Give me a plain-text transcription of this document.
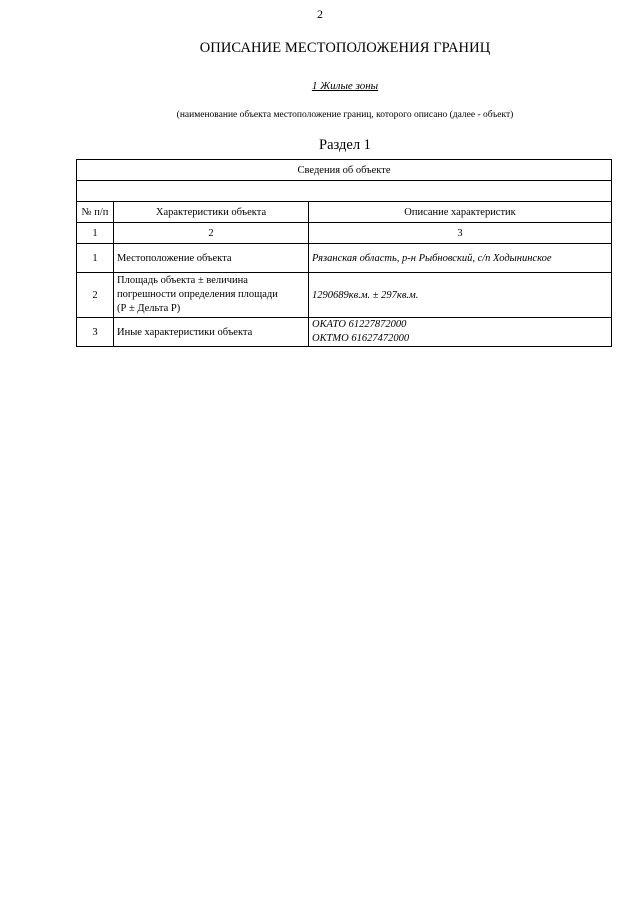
2
ОПИСАНИЕ МЕСТОПОЛОЖЕНИЯ ГРАНИЦ
1 Жилые зоны
(наименование объекта местоположение границ, которого описано (далее - объект)
Раздел 1
Сведения об объекте		

№ п/п	Характеристики объекта	Описание характеристик
1	2	3
1	Местоположение объекта	Рязанская область, р-н Рыбновский, с/п Ходынинское
2	Площадь объекта ± величина
погрешности определения площади
(Р ± Дельта Р)	1290689кв.м. ± 297кв.м.
3	Иные характеристики объекта	ОКАТО 61227872000
ОКТМО 61627472000
